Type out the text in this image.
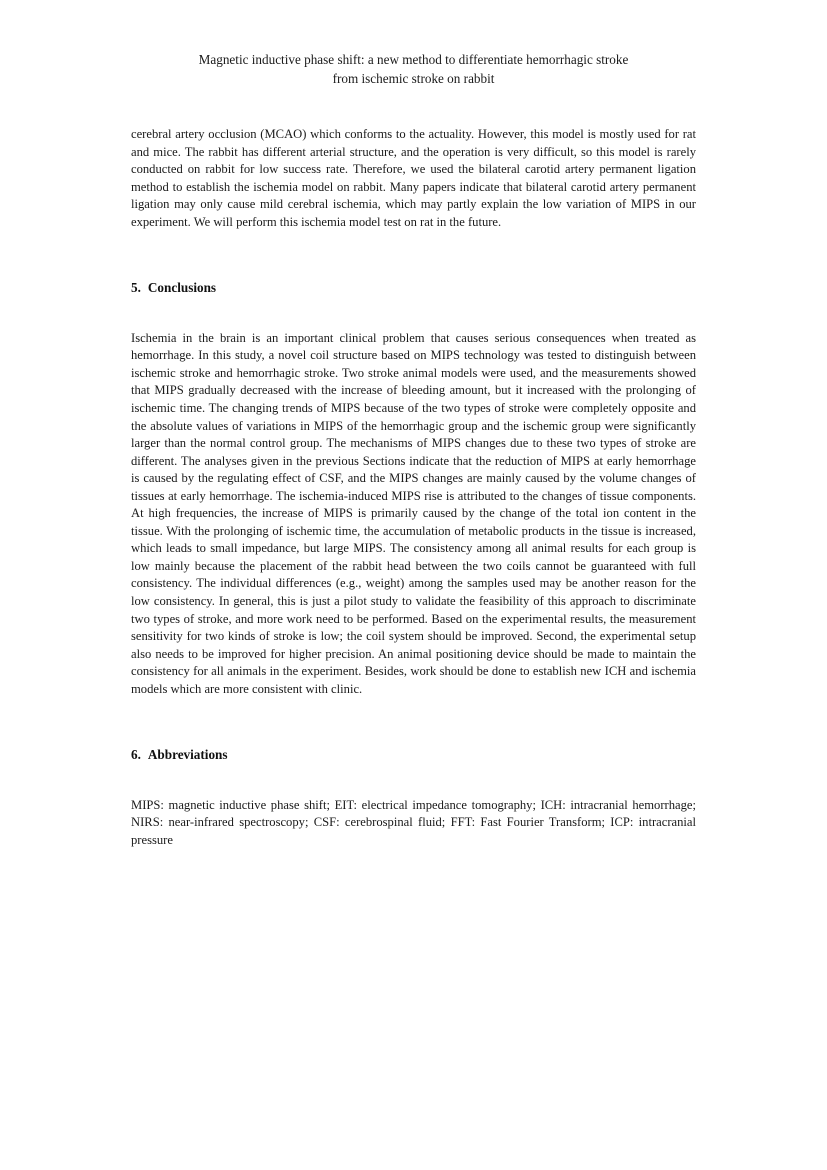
Magnetic inductive phase shift: a new method to differentiate hemorrhagic stroke
from ischemic stroke on rabbit

cerebral artery occlusion (MCAO) which conforms to the actuality. However, this model is mostly used for rat and mice. The rabbit has different arterial structure, and the operation is very difficult, so this model is rarely conducted on rabbit for low success rate. Therefore, we used the bilateral carotid artery permanent ligation method to establish the ischemia model on rabbit. Many papers indicate that bilateral carotid artery permanent ligation may only cause mild cerebral ischemia, which may partly explain the low variation of MIPS in our experiment. We will perform this ischemia model test on rat in the future.

5. Conclusions

Ischemia in the brain is an important clinical problem that causes serious consequences when treated as hemorrhage. In this study, a novel coil structure based on MIPS technology was tested to distinguish between ischemic stroke and hemorrhagic stroke. Two stroke animal models were used, and the measurements showed that MIPS gradually decreased with the increase of bleeding amount, but it increased with the prolonging of ischemic time. The changing trends of MIPS because of the two types of stroke were completely opposite and the absolute values of variations in MIPS of the hemorrhagic group and the ischemic group were significantly larger than the normal control group. The mechanisms of MIPS changes due to these two types of stroke are different. The analyses given in the previous Sections indicate that the reduction of MIPS at early hemorrhage is caused by the regulating effect of CSF, and the MIPS changes are mainly caused by the volume changes of tissues at early hemorrhage. The ischemia-induced MIPS rise is attributed to the changes of tissue components. At high frequencies, the increase of MIPS is primarily caused by the change of the total ion content in the tissue. With the prolonging of ischemic time, the accumulation of metabolic products in the tissue is increased, which leads to small impedance, but large MIPS. The consistency among all animal results for each group is low mainly because the placement of the rabbit head between the two coils cannot be guaranteed with full consistency. The individual differences (e.g., weight) among the samples used may be another reason for the low consistency. In general, this is just a pilot study to validate the feasibility of this approach to discriminate two types of stroke, and more work need to be performed. Based on the experimental results, the measurement sensitivity for two kinds of stroke is low; the coil system should be improved. Second, the experimental setup also needs to be improved for higher precision. An animal positioning device should be made to maintain the consistency for all animals in the experiment. Besides, work should be done to establish new ICH and ischemia models which are more consistent with clinic.

6. Abbreviations

MIPS: magnetic inductive phase shift; EIT: electrical impedance tomography; ICH: intracranial hemorrhage; NIRS: near-infrared spectroscopy; CSF: cerebrospinal fluid; FFT: Fast Fourier Transform; ICP: intracranial pressure
